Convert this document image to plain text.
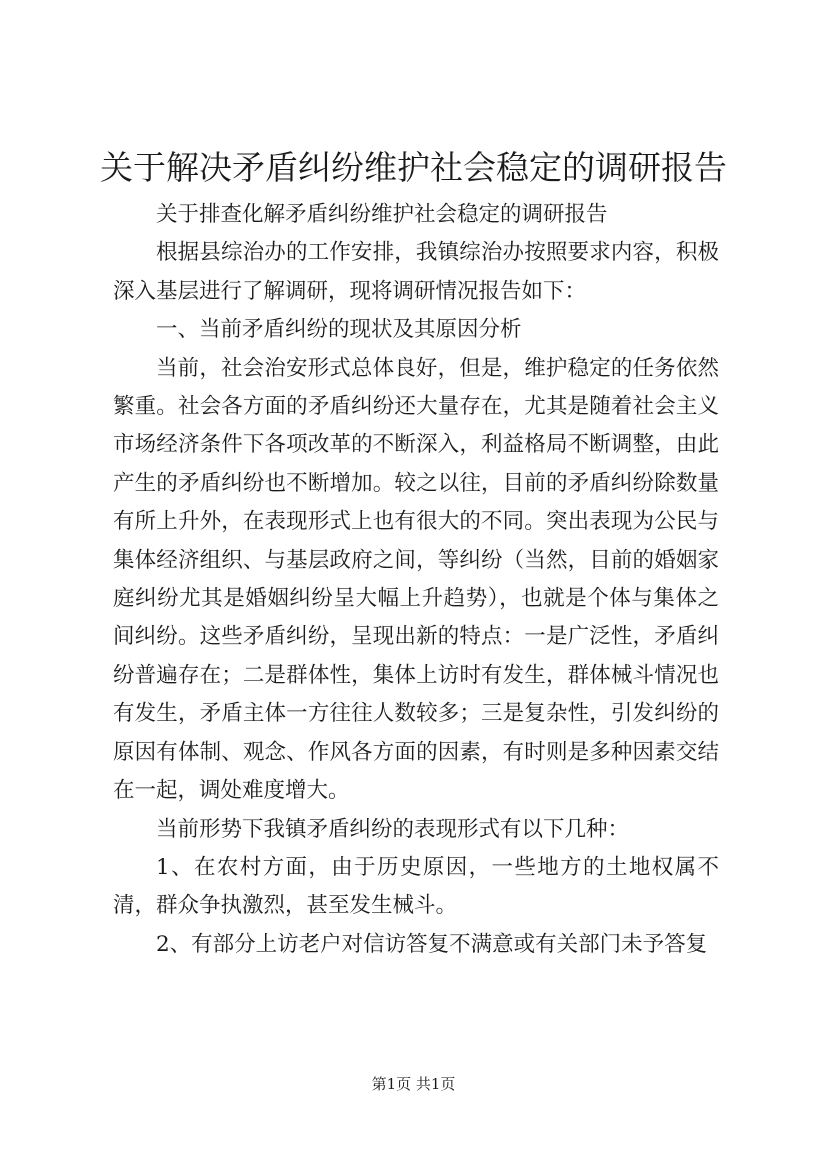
关于解决矛盾纠纷维护社会稳定的调研报告

关于排查化解矛盾纠纷维护社会稳定的调研报告

根据县综治办的工作安排，我镇综治办按照要求内容，积极深入基层进行了解调研，现将调研情况报告如下：

一、当前矛盾纠纷的现状及其原因分析

当前，社会治安形式总体良好，但是，维护稳定的任务依然繁重。社会各方面的矛盾纠纷还大量存在，尤其是随着社会主义市场经济条件下各项改革的不断深入，利益格局不断调整，由此产生的矛盾纠纷也不断增加。较之以往，目前的矛盾纠纷除数量有所上升外，在表现形式上也有很大的不同。突出表现为公民与集体经济组织、与基层政府之间，等纠纷（当然，目前的婚姻家庭纠纷尤其是婚姻纠纷呈大幅上升趋势），也就是个体与集体之间纠纷。这些矛盾纠纷，呈现出新的特点：一是广泛性，矛盾纠纷普遍存在；二是群体性，集体上访时有发生，群体械斗情况也有发生，矛盾主体一方往往人数较多；三是复杂性，引发纠纷的原因有体制、观念、作风各方面的因素，有时则是多种因素交结在一起，调处难度增大。

当前形势下我镇矛盾纠纷的表现形式有以下几种：

1、在农村方面，由于历史原因，一些地方的土地权属不清，群众争执激烈，甚至发生械斗。

2、有部分上访老户对信访答复不满意或有关部门未予答复

第1页 共1页
